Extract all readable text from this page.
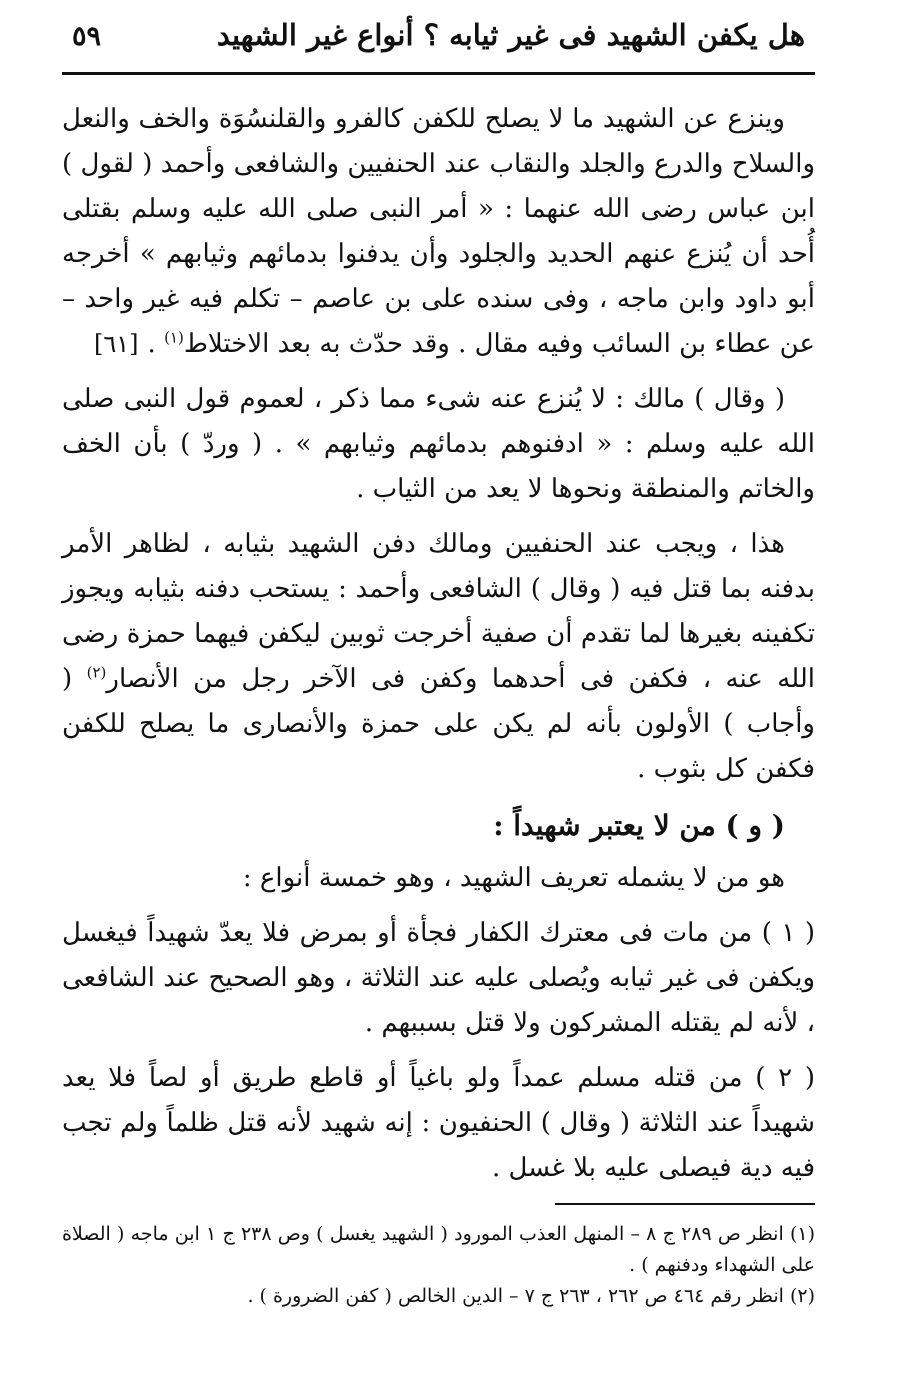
هل يكفن الشهيد فى غير ثيابه ؟ أنواع غير الشهيد
٥٩

وينزع عن الشهيد ما لا يصلح للكفن كالفرو والقلنسُوَة والخف والنعل والسلاح والدرع والجلد والنقاب عند الحنفيين والشافعى وأحمد ( لقول ) ابن عباس رضى الله عنهما : « أمر النبى صلى الله عليه وسلم بقتلى أُحد أن يُنزع عنهم الحديد والجلود وأن يدفنوا بدمائهم وثيابهم » أخرجه أبو داود وابن ماجه ، وفى سنده على بن عاصم – تكلم فيه غير واحد – عن عطاء بن السائب وفيه مقال . وقد حدّث به بعد الاختلاط$^{(١)}$ .
[٦١]

( وقال ) مالك : لا يُنزع عنه شىء مما ذكر ، لعموم قول النبى صلى الله عليه وسلم : « ادفنوهم بدمائهم وثيابهم » . ( وردّ ) بأن الخف والخاتم والمنطقة ونحوها لا يعد من الثياب .

هذا ، ويجب عند الحنفيين ومالك دفن الشهيد بثيابه ، لظاهر الأمر بدفنه بما قتل فيه ( وقال ) الشافعى وأحمد : يستحب دفنه بثيابه ويجوز تكفينه بغيرها لما تقدم أن صفية أخرجت ثوبين ليكفن فيهما حمزة رضى الله عنه ، فكفن فى أحدهما وكفن فى الآخر رجل من الأنصار$^{(٢)}$ ( وأجاب ) الأولون بأنه لم يكن على حمزة والأنصارى ما يصلح للكفن فكفن كل بثوب .

( و ) من لا يعتبر شهيداً :

هو من لا يشمله تعريف الشهيد ، وهو خمسة أنواع :

( ١ ) من مات فى معترك الكفار فجأة أو بمرض فلا يعدّ شهيداً فيغسل ويكفن فى غير ثيابه ويُصلى عليه عند الثلاثة ، وهو الصحيح عند الشافعى ، لأنه لم يقتله المشركون ولا قتل بسببهم .

( ٢ ) من قتله مسلم عمداً ولو باغياً أو قاطع طريق أو لصاً فلا يعد شهيداً عند الثلاثة ( وقال ) الحنفيون : إنه شهيد لأنه قتل ظلماً ولم تجب فيه دية فيصلى عليه بلا غسل .

(١) انظر ص ٢٨٩ ج ٨ – المنهل العذب المورود ( الشهيد يغسل ) وص ٢٣٨ ج ١ ابن ماجه ( الصلاة على الشهداء ودفنهم ) .

(٢) انظر رقم ٤٦٤ ص ٢٦٢ ، ٢٦٣ ج ٧ – الدين الخالص ( كفن الضرورة ) .
